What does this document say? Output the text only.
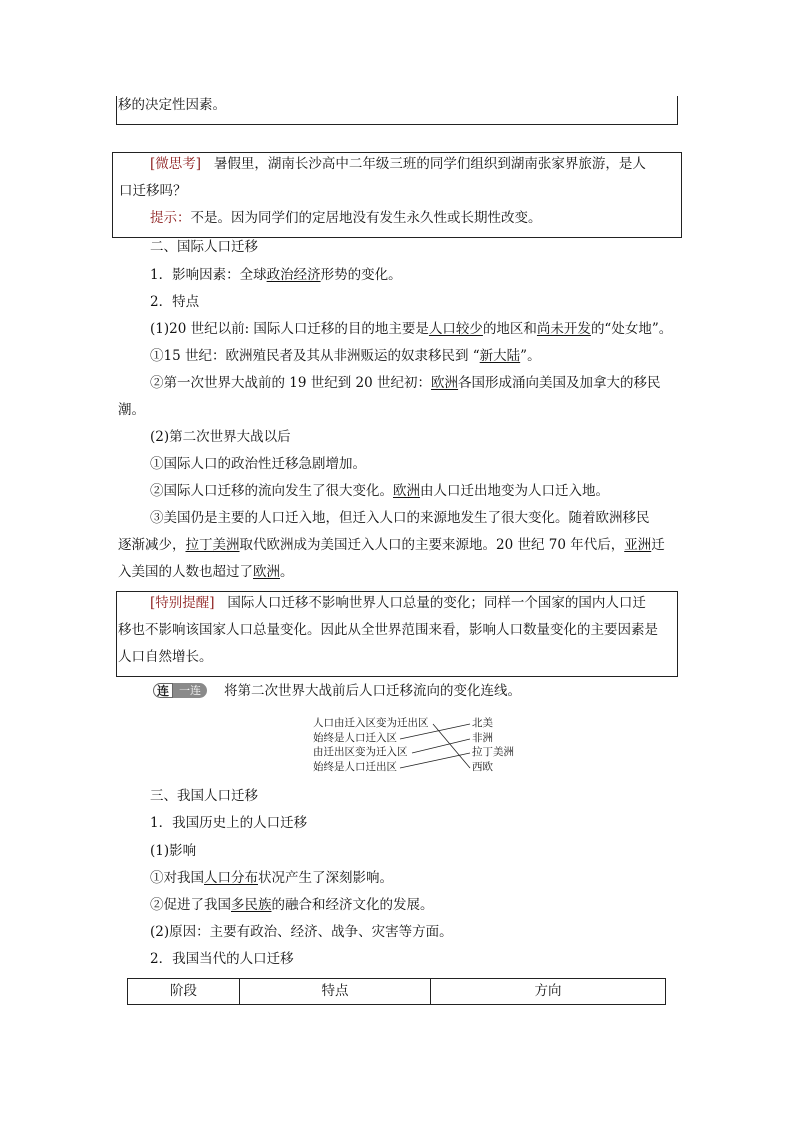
移的决定性因素。
[微思考] 暑假里，湖南长沙高中二年级三班的同学们组织到湖南张家界旅游，是人
口迁移吗？
提示：不是。因为同学们的定居地没有发生永久性或长期性改变。
二、国际人口迁移
1．影响因素：全球政治经济形势的变化。
2．特点
(1)20 世纪以前: 国际人口迁移的目的地主要是人口较少的地区和尚未开发的“处女地”。
①15 世纪：欧洲殖民者及其从非洲贩运的奴隶移民到 “新大陆”。
②第一次世界大战前的 19 世纪到 20 世纪初：欧洲各国形成涌向美国及加拿大的移民
潮。
(2)第二次世界大战以后
①国际人口的政治性迁移急剧增加。
②国际人口迁移的流向发生了很大变化。欧洲由人口迁出地变为人口迁入地。
③美国仍是主要的人口迁入地，但迁入人口的来源地发生了很大变化。随着欧洲移民
逐渐减少，拉丁美洲取代欧洲成为美国迁入人口的主要来源地。20 世纪 70 年代后，亚洲迁
入美国的人数也超过了欧洲。
[特别提醒] 国际人口迁移不影响世界人口总量的变化；同样一个国家的国内人口迁
移也不影响该国家人口总量变化。因此从全世界范围来看，影响人口数量变化的主要因素是
人口自然增长。
连 一连	将第二次世界大战前后人口迁移流向的变化连线。
人口由迁入区变为迁出区
始终是人口迁入区
由迁出区变为迁入区
始终是人口迁出区
北美
非洲
拉丁美洲
西欧
三、我国人口迁移
1．我国历史上的人口迁移
(1)影响
①对我国人口分布状况产生了深刻影响。
②促进了我国多民族的融合和经济文化的发展。
(2)原因：主要有政治、经济、战争、灾害等方面。
2．我国当代的人口迁移
阶段	特点	方向
